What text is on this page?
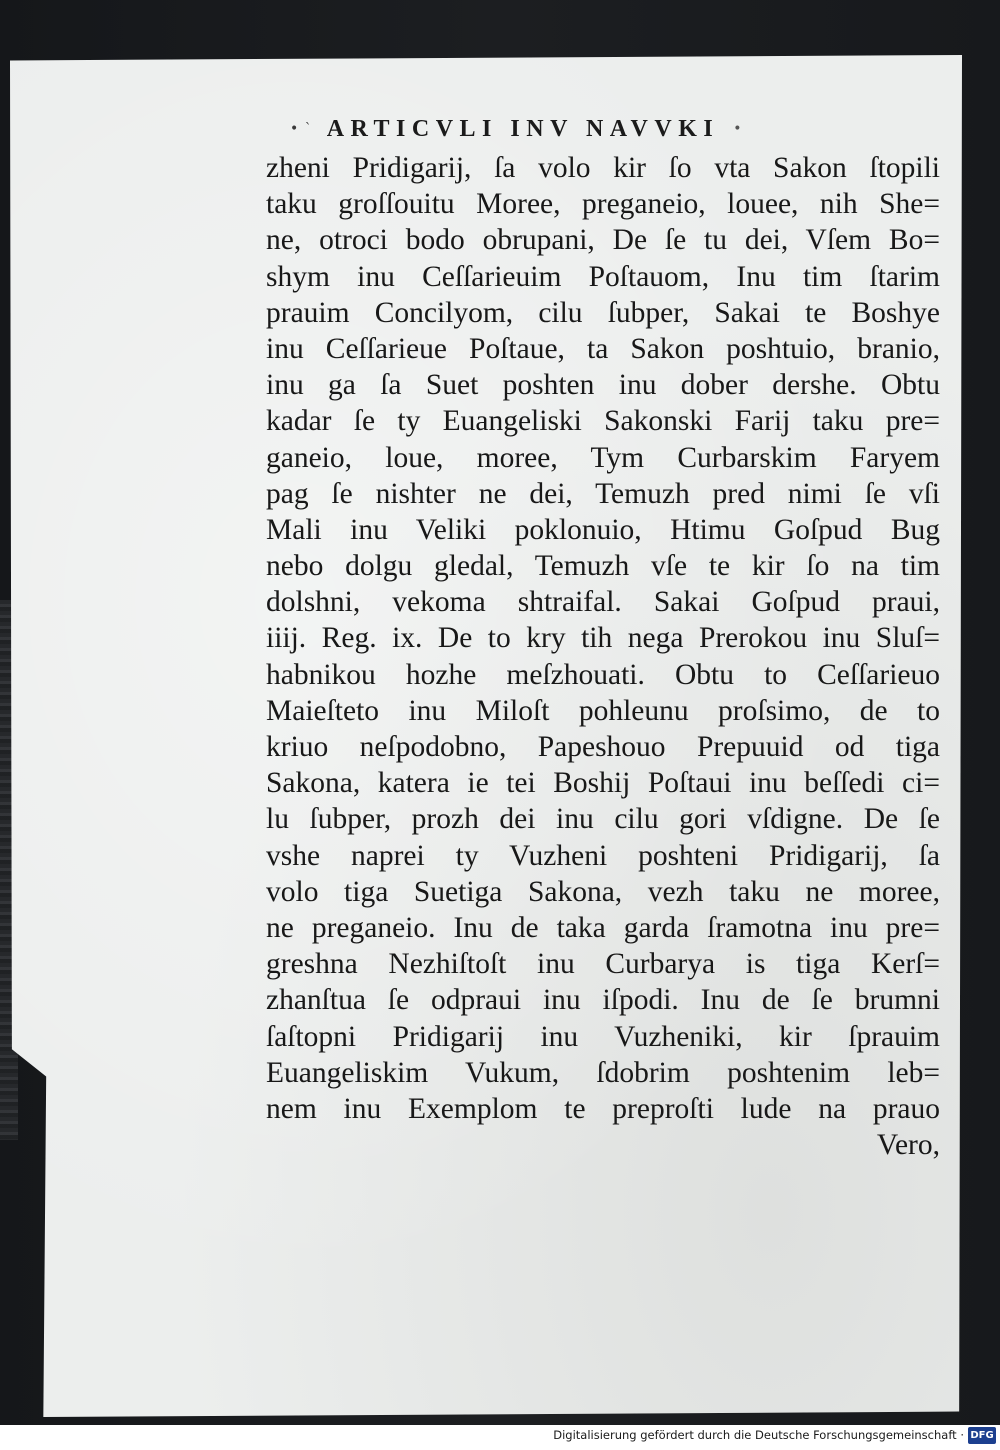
• ` ARTICVLI INV NAVVKI •
zheni Pridigarij, ſa volo kir ſo vta Sakon ſtopili
taku groſſouitu Moree, preganeio, louee, nih She=
ne, otroci bodo obrupani, De ſe tu dei, Vſem Bo=
shym inu Ceſſarieuim Poſtauom, Inu tim ſtarim
prauim Concilyom, cilu ſubper, Sakai te Boshye
inu Ceſſarieue Poſtaue, ta Sakon poshtuio, branio,
inu ga ſa Suet poshten inu dober dershe. Obtu
kadar ſe ty Euangeliski Sakonski Farij taku pre=
ganeio, loue, moree, Tym Curbarskim Faryem
pag ſe nishter ne dei, Temuzh pred nimi ſe vſi
Mali inu Veliki poklonuio, Htimu Goſpud Bug
nebo dolgu gledal, Temuzh vſe te kir ſo na tim
dolshni, vekoma shtraifal. Sakai Goſpud praui,
iiij. Reg. ix. De to kry tih nega Prerokou inu Sluſ=
habnikou hozhe meſzhouati. Obtu to Ceſſarieuo
Maieſteto inu Miloſt pohleunu proſsimo, de to
kriuo neſpodobno, Papeshouo Prepuuid od tiga
Sakona, katera ie tei Boshij Poſtaui inu beſſedi ci=
lu ſubper, prozh dei inu cilu gori vſdigne. De ſe
vshe naprei ty Vuzheni poshteni Pridigarij, ſa
volo tiga Suetiga Sakona, vezh taku ne moree,
ne preganeio. Inu de taka garda ſramotna inu pre=
greshna Nezhiſtoſt inu Curbarya is tiga Kerſ=
zhanſtua ſe odpraui inu iſpodi. Inu de ſe brumni
ſaſtopni Pridigarij inu Vuzheniki, kir ſprauim
Euangeliskim Vukum, ſdobrim poshtenim leb=
nem inu Exemplom te preproſti lude na prauo
Vero,
Digitalisierung gefördert durch die Deutsche Forschungsgemeinschaft · DFG
